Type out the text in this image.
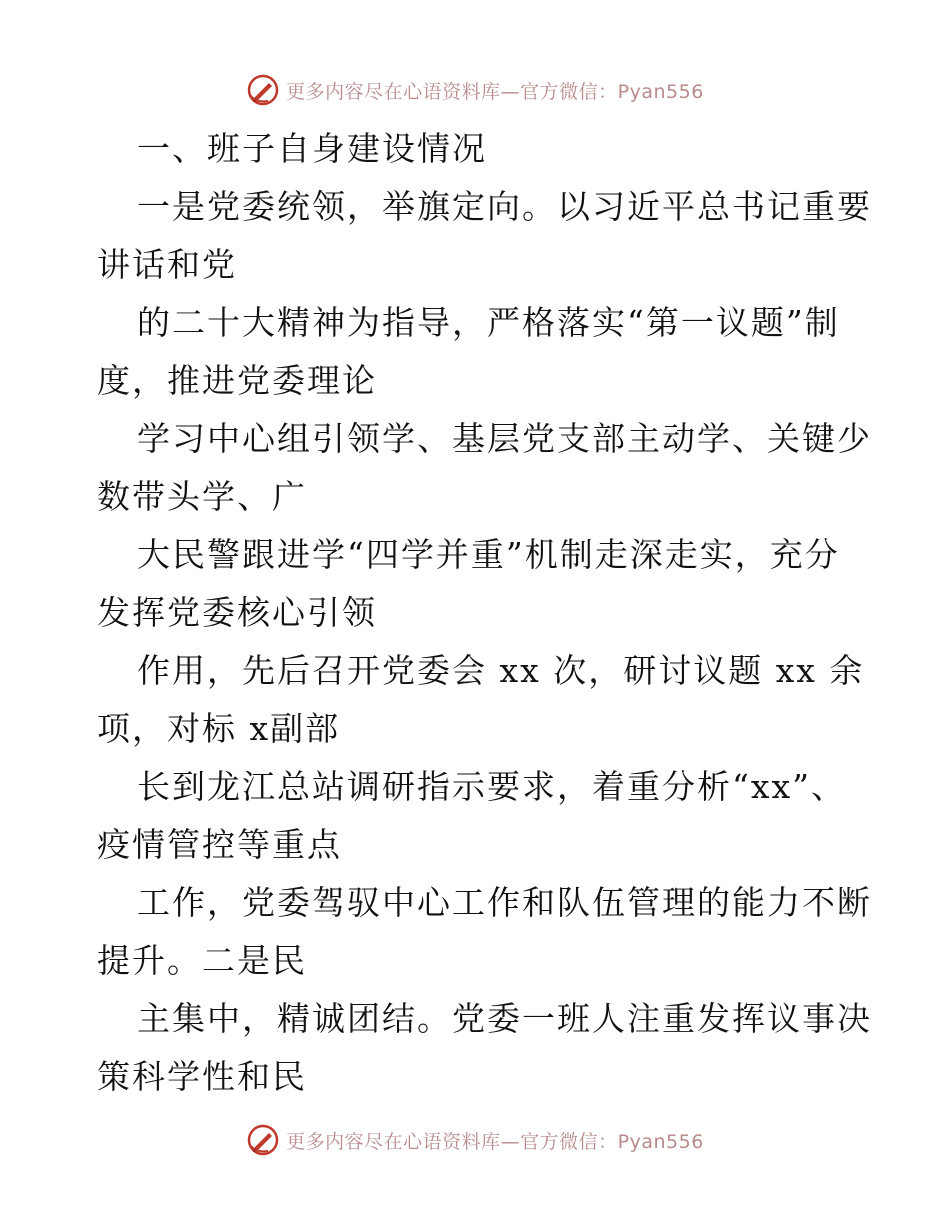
更多内容尽在心语资料库—官方微信：Pyan556

一、班子自身建设情况

一是党委统领，举旗定向。以习近平总书记重要
讲话和党

的二十大精神为指导，严格落实“第一议题”制
度，推进党委理论

学习中心组引领学、基层党支部主动学、关键少
数带头学、广

大民警跟进学“四学并重”机制走深走实，充分
发挥党委核心引领

作用，先后召开党委会 xx 次，研讨议题 xx 余
项，对标 x副部

长到龙江总站调研指示要求，着重分析“xx”、
疫情管控等重点

工作，党委驾驭中心工作和队伍管理的能力不断
提升。二是民

主集中，精诚团结。党委一班人注重发挥议事决
策科学性和民

更多内容尽在心语资料库—官方微信：Pyan556
